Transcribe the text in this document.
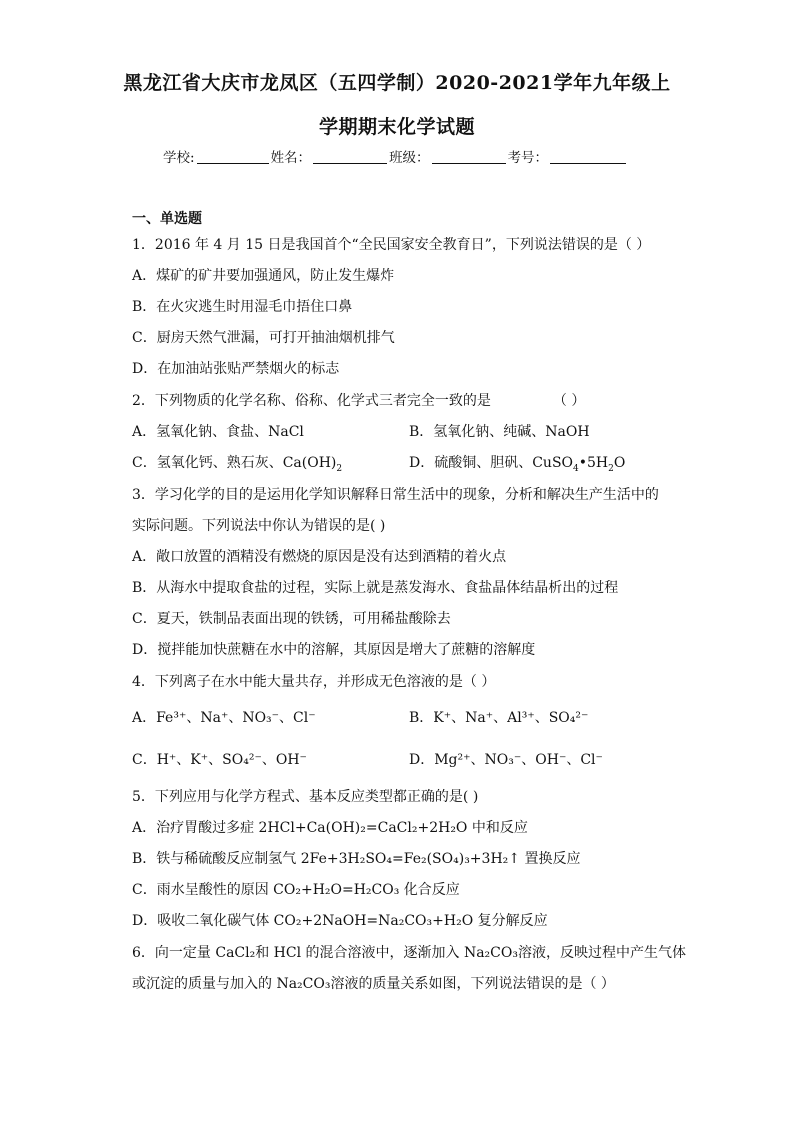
黑龙江省大庆市龙凤区（五四学制）2020-2021学年九年级上
学期期末化学试题
学校:	姓名：	班级：	考号：
一、单选题
1．2016 年 4 月 15 日是我国首个“全民国家安全教育日”，下列说法错误的是（ ）
A．煤矿的矿井要加强通风，防止发生爆炸
B．在火灾逃生时用湿毛巾捂住口鼻
C．厨房天然气泄漏，可打开抽油烟机排气
D．在加油站张贴严禁烟火的标志
2．下列物质的化学名称、俗称、化学式三者完全一致的是	（ ）
A．氢氧化钠、食盐、NaCl	B．氢氧化钠、纯碱、NaOH
C．氢氧化钙、熟石灰、$Ca(OH)_2$	D．硫酸铜、胆矾、$CuSO_4•5H_2O$
3．学习化学的目的是运用化学知识解释日常生活中的现象，分析和解决生产生活中的
实际问题。下列说法中你认为错误的是( )
A．敞口放置的酒精没有燃烧的原因是没有达到酒精的着火点
B．从海水中提取食盐的过程，实际上就是蒸发海水、食盐晶体结晶析出的过程
C．夏天，铁制品表面出现的铁锈，可用稀盐酸除去
D．搅拌能加快蔗糖在水中的溶解，其原因是增大了蔗糖的溶解度
4．下列离子在水中能大量共存，并形成无色溶液的是（ ）
A．Fe³⁺、Na⁺、NO₃⁻、Cl⁻	B．K⁺、Na⁺、Al³⁺、SO₄²⁻
C．H⁺、K⁺、SO₄²⁻、OH⁻	D．Mg²⁺、NO₃⁻、OH⁻、Cl⁻
5．下列应用与化学方程式、基本反应类型都正确的是( )
A．治疗胃酸过多症 2HCl+Ca(OH)₂=CaCl₂+2H₂O 中和反应
B．铁与稀硫酸反应制氢气 2Fe+3H₂SO₄=Fe₂(SO₄)₃+3H₂↑ 置换反应
C．雨水呈酸性的原因 CO₂+H₂O=H₂CO₃ 化合反应
D．吸收二氧化碳气体 CO₂+2NaOH=Na₂CO₃+H₂O 复分解反应
6．向一定量 CaCl₂和 HCl 的混合溶液中，逐渐加入 Na₂CO₃溶液，反映过程中产生气体
或沉淀的质量与加入的 Na₂CO₃溶液的质量关系如图，下列说法错误的是（ ）
